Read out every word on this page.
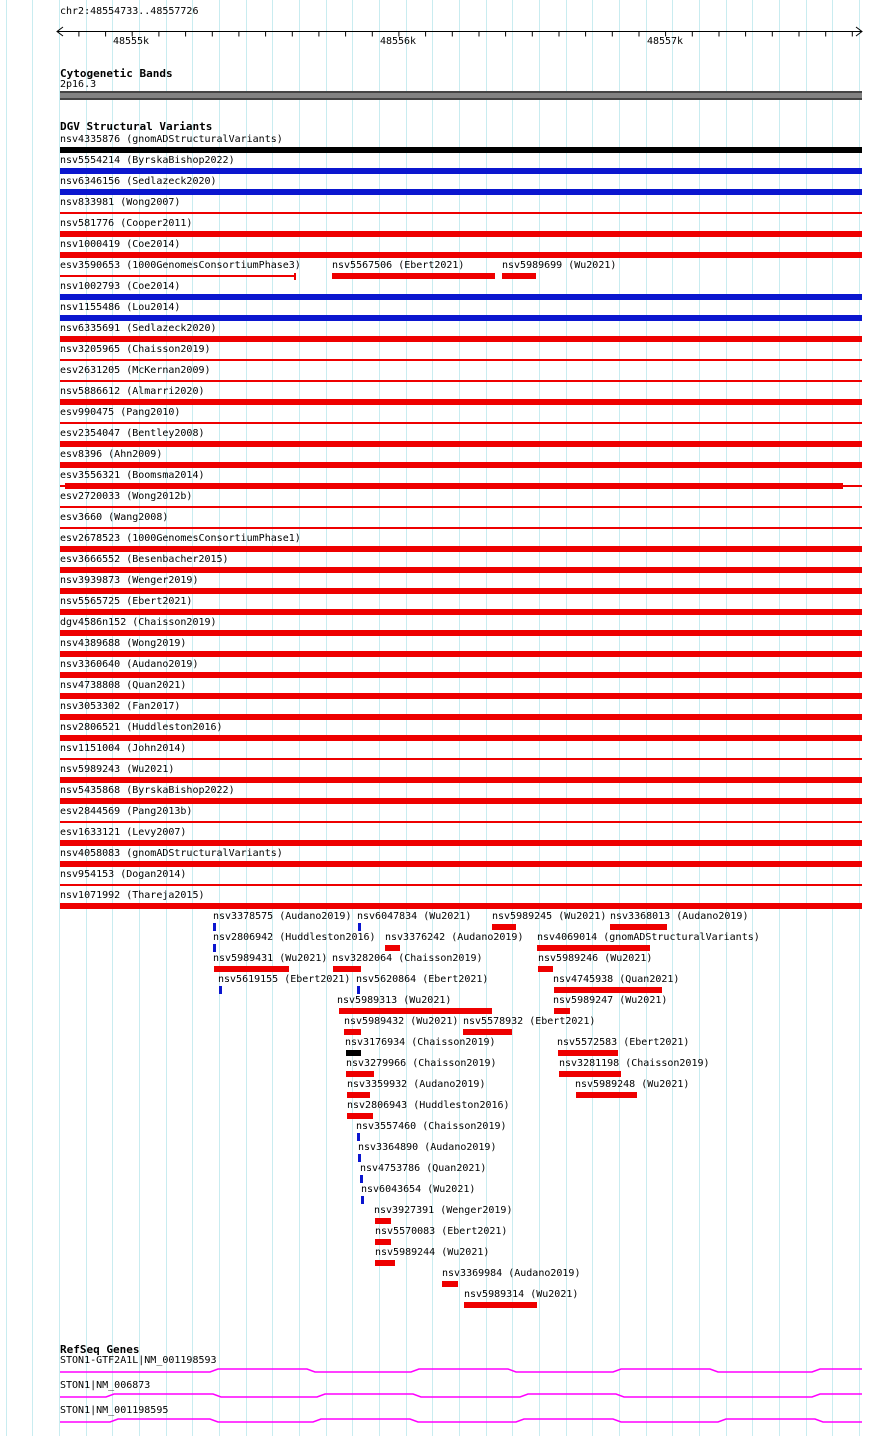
chr2:48554733..48557726
48555k	48556k	48557k
Cytogenetic Bands
2p16.3
DGV Structural Variants
nsv4335876 (gnomADStructuralVariants)
nsv5554214 (ByrskaBishop2022)
nsv6346156 (Sedlazeck2020)
nsv833981 (Wong2007)
nsv581776 (Cooper2011)
nsv1000419 (Coe2014)
esv3590653 (1000GenomesConsortiumPhase3)	nsv5567506 (Ebert2021)	nsv5989699 (Wu2021)
nsv1002793 (Coe2014)
nsv1155486 (Lou2014)
nsv6335691 (Sedlazeck2020)
nsv3205965 (Chaisson2019)
esv2631205 (McKernan2009)
nsv5886612 (Almarri2020)
esv990475 (Pang2010)
esv2354047 (Bentley2008)
esv8396 (Ahn2009)
esv3556321 (Boomsma2014)
esv2720033 (Wong2012b)
esv3660 (Wang2008)
esv2678523 (1000GenomesConsortiumPhase1)
esv3666552 (Besenbacher2015)
nsv3939873 (Wenger2019)
nsv5565725 (Ebert2021)
dgv4586n152 (Chaisson2019)
nsv4389688 (Wong2019)
nsv3360640 (Audano2019)
nsv4738808 (Quan2021)
nsv3053302 (Fan2017)
nsv2806521 (Huddleston2016)
nsv1151004 (John2014)
nsv5989243 (Wu2021)
nsv5435868 (ByrskaBishop2022)
esv2844569 (Pang2013b)
esv1633121 (Levy2007)
nsv4058083 (gnomADStructuralVariants)
nsv954153 (Dogan2014)
nsv1071992 (Thareja2015)
nsv3378575 (Audano2019) nsv6047834 (Wu2021) nsv5989245 (Wu2021) nsv3368013 (Audano2019)
nsv2806942 (Huddleston2016) nsv3376242 (Audano2019) nsv4069014 (gnomADStructuralVariants)
nsv5989431 (Wu2021) nsv3282064 (Chaisson2019)	nsv5989246 (Wu2021)
nsv5619155 (Ebert2021) nsv5620864 (Ebert2021)	nsv4745938 (Quan2021)
nsv5989313 (Wu2021)	nsv5989247 (Wu2021)
nsv5989432 (Wu2021) nsv5578932 (Ebert2021)
nsv3176934 (Chaisson2019)	nsv5572583 (Ebert2021)
nsv3279966 (Chaisson2019)	nsv3281198 (Chaisson2019)
nsv3359932 (Audano2019)	nsv5989248 (Wu2021)
nsv2806943 (Huddleston2016)
nsv3557460 (Chaisson2019)
nsv3364890 (Audano2019)
nsv4753786 (Quan2021)
nsv6043654 (Wu2021)
nsv3927391 (Wenger2019)
nsv5570083 (Ebert2021)
nsv5989244 (Wu2021)
nsv3369984 (Audano2019)
nsv5989314 (Wu2021)
RefSeq Genes
STON1-GTF2A1L|NM_001198593
STON1|NM_006873
STON1|NM_001198595
